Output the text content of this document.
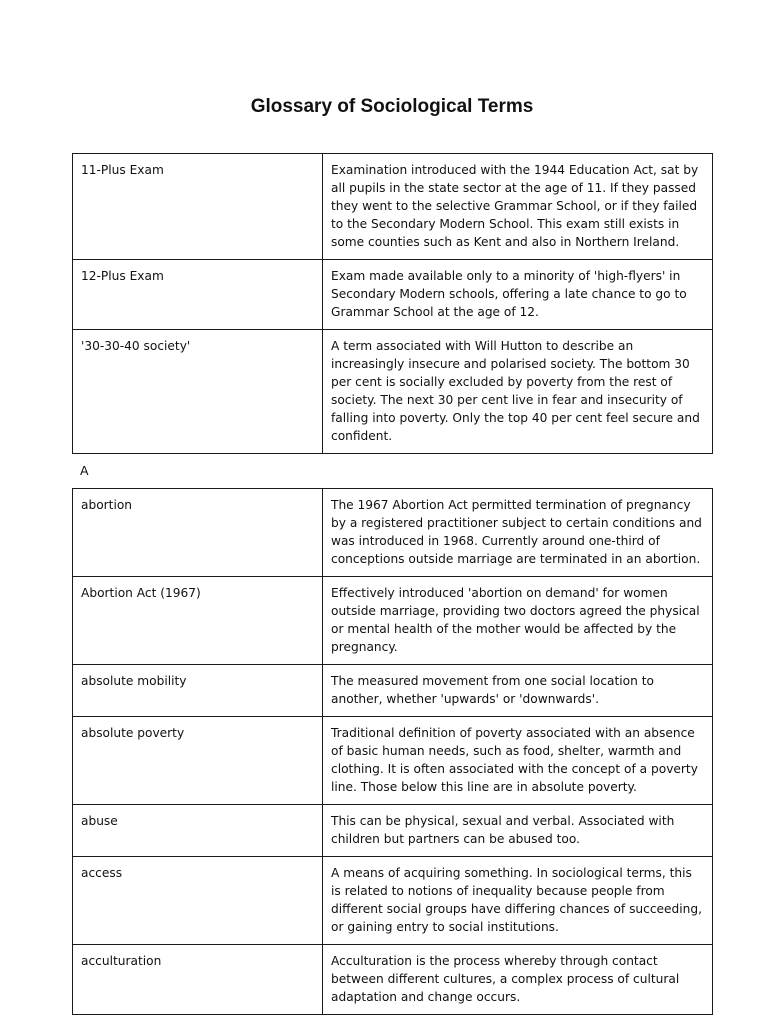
Glossary of Sociological Terms
11-Plus Exam	Examination introduced with the 1944 Education Act, sat by all pupils in the state sector at the age of 11. If they passed they went to the selective Grammar School, or if they failed to the Secondary Modern School. This exam still exists in some counties such as Kent and also in Northern Ireland.
12-Plus Exam	Exam made available only to a minority of 'high-flyers' in Secondary Modern schools, offering a late chance to go to Grammar School at the age of 12.
'30-30-40 society'	A term associated with Will Hutton to describe an increasingly insecure and polarised society. The bottom 30 per cent is socially excluded by poverty from the rest of society. The next 30 per cent live in fear and insecurity of falling into poverty. Only the top 40 per cent feel secure and confident.

A

abortion	The 1967 Abortion Act permitted termination of pregnancy by a registered practitioner subject to certain conditions and was introduced in 1968. Currently around one-third of conceptions outside marriage are terminated in an abortion.
Abortion Act (1967)	Effectively introduced 'abortion on demand' for women outside marriage, providing two doctors agreed the physical or mental health of the mother would be affected by the pregnancy.
absolute mobility	The measured movement from one social location to another, whether 'upwards' or 'downwards'.
absolute poverty	Traditional definition of poverty associated with an absence of basic human needs, such as food, shelter, warmth and clothing. It is often associated with the concept of a poverty line. Those below this line are in absolute poverty.
abuse	This can be physical, sexual and verbal. Associated with children but partners can be abused too.
access	A means of acquiring something. In sociological terms, this is related to notions of inequality because people from different social groups have differing chances of succeeding, or gaining entry to social institutions.
acculturation	Acculturation is the process whereby through contact between different cultures, a complex process of cultural adaptation and change occurs.
